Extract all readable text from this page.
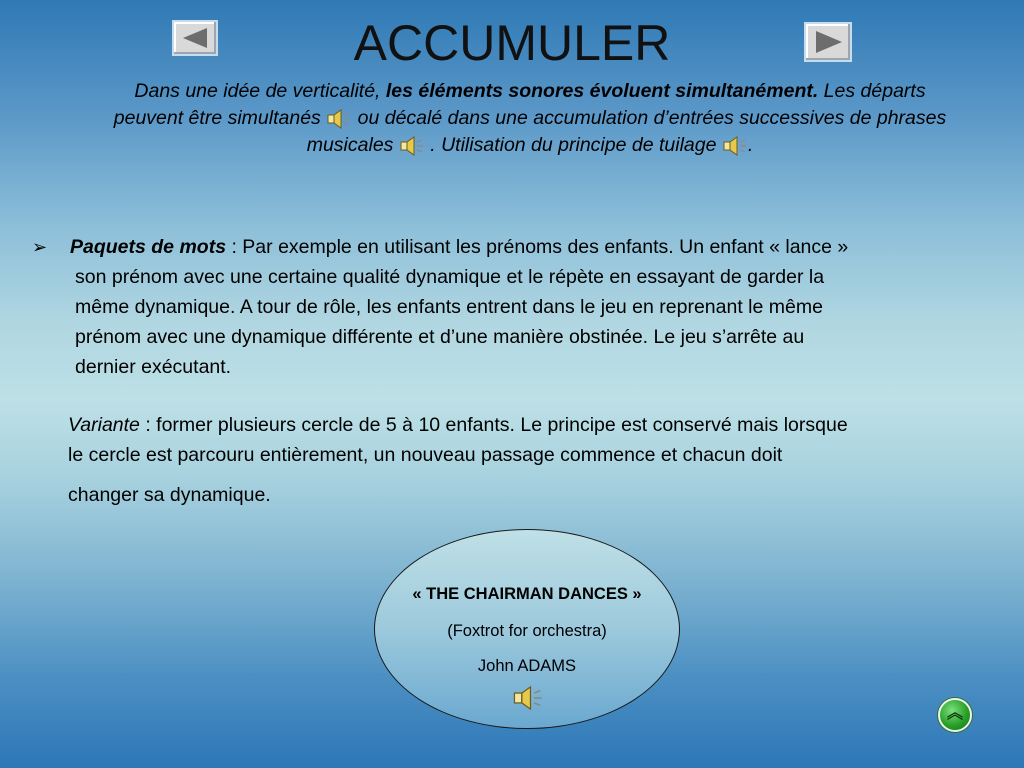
ACCUMULER
Dans une idée de verticalité, les éléments sonores évoluent simultanément. Les départs peuvent être simultanés  ou décalé dans une accumulation d’entrées successives de phrases musicales  . Utilisation du principe de tuilage .
➢ Paquets de mots : Par exemple en utilisant les prénoms des enfants. Un enfant « lance »
son prénom avec une certaine qualité dynamique et le répète en essayant de garder la
même dynamique. A tour de rôle, les enfants entrent dans le jeu en reprenant le même
prénom avec une dynamique différente et d’une manière obstinée. Le jeu s’arrête au
dernier exécutant.
Variante : former plusieurs cercle de 5 à 10 enfants. Le principe est conservé mais lorsque
le cercle est parcouru entièrement, un nouveau passage commence et chacun doit
changer sa dynamique.
« THE CHAIRMAN DANCES »
(Foxtrot for orchestra)
John ADAMS
︽
